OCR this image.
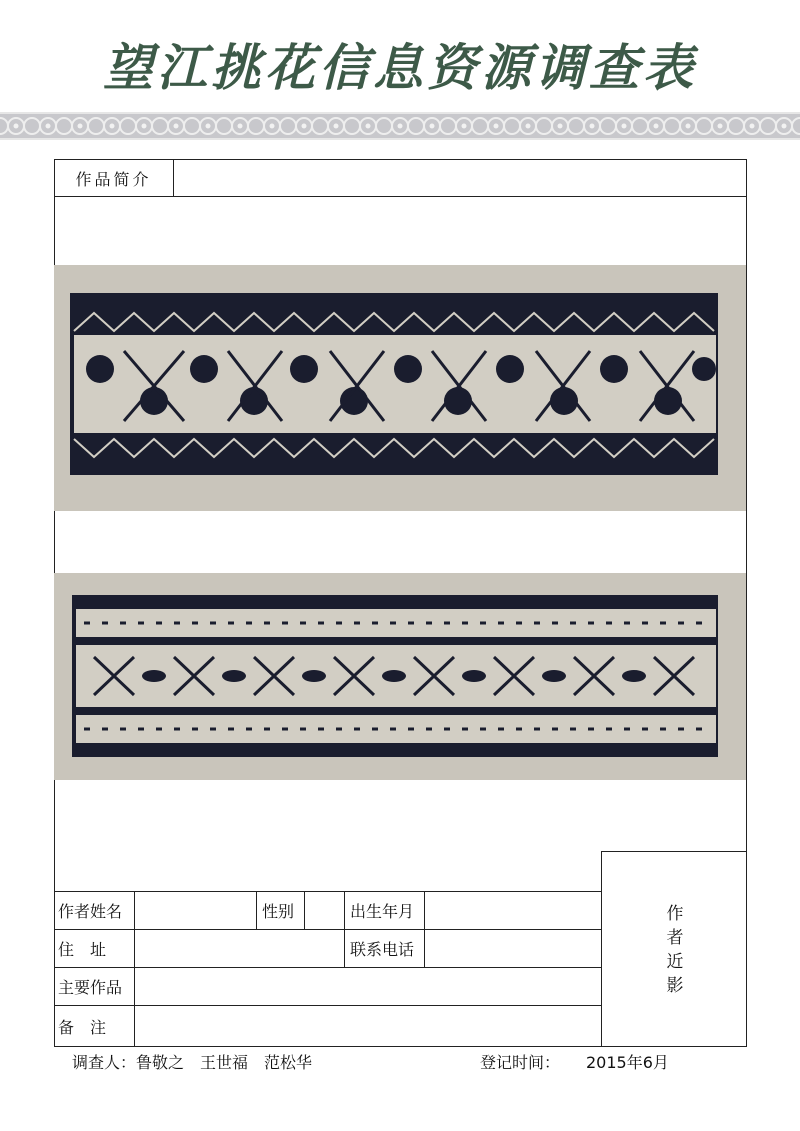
望江挑花信息资源调查表
作品简介
作
者
近
影
作者姓名	性别	出生年月
住　址	联系电话
主要作品
备　注
调查人：鲁敬之　王世福　范松华	登记时间： 2015年6月
